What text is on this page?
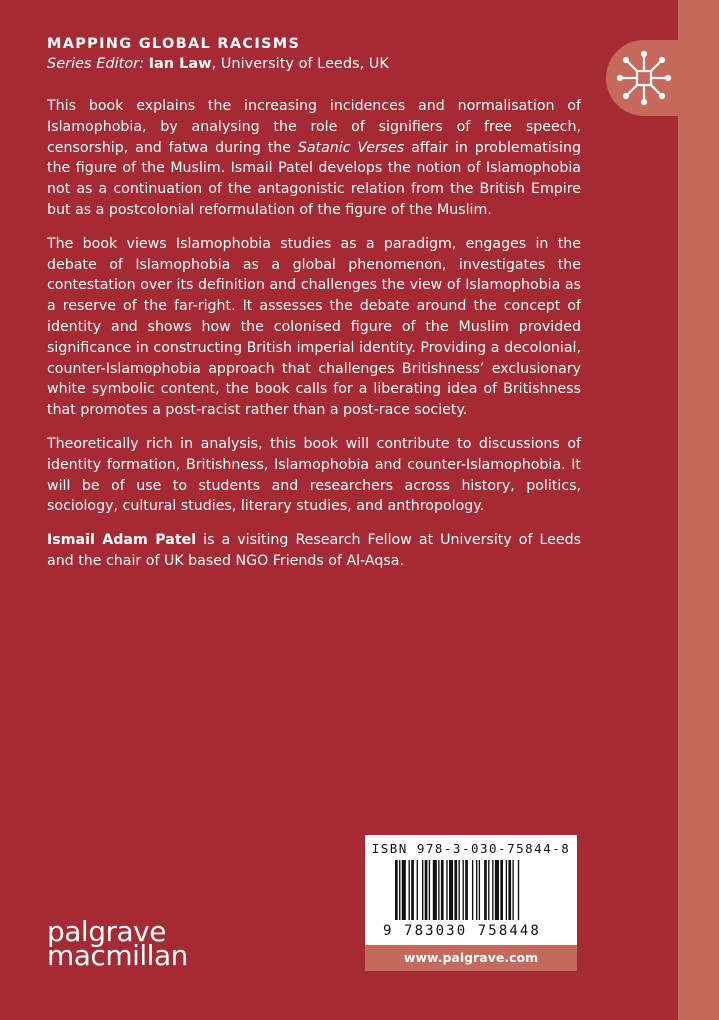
MAPPING GLOBAL RACISMS
Series Editor: Ian Law, University of Leeds, UK

This book explains the increasing incidences and normalisation of Islamophobia, by analysing the role of signifiers of free speech, censorship, and fatwa during the Satanic Verses affair in problematising the figure of the Muslim. Ismail Patel develops the notion of Islamophobia not as a continuation of the antagonistic relation from the British Empire but as a postcolonial reformulation of the figure of the Muslim.

The book views Islamophobia studies as a paradigm, engages in the debate of Islamophobia as a global phenomenon, investigates the contestation over its definition and challenges the view of Islamophobia as a reserve of the far-right. It assesses the debate around the concept of identity and shows how the colonised figure of the Muslim provided significance in constructing British imperial identity. Providing a decolonial, counter-Islamophobia approach that challenges Britishness’ exclusionary white symbolic content, the book calls for a liberating idea of Britishness that promotes a post-racist rather than a post-race society.

Theoretically rich in analysis, this book will contribute to discussions of identity formation, Britishness, Islamophobia and counter-Islamophobia. It will be of use to students and researchers across history, politics, sociology, cultural studies, literary studies, and anthropology.

Ismail Adam Patel is a visiting Research Fellow at University of Leeds and the chair of UK based NGO Friends of Al-Aqsa.

ISBN 978-3-030-75844-8
9 783030 758448
www.palgrave.com
palgrave
macmillan
